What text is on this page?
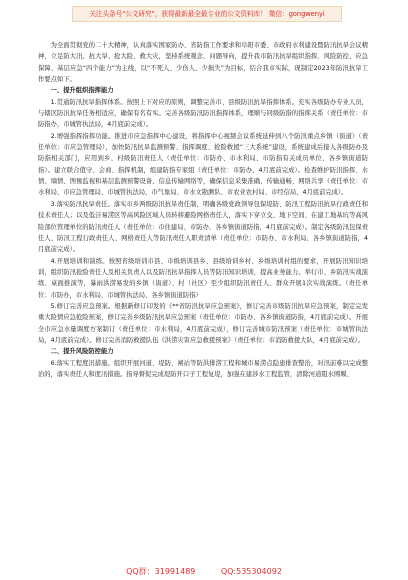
关注头条号"公文研究"，获得最新最全最专业的公文资料库！ 微信：gongwenyi

为全面贯彻党的二十大精神，认真落实国家防办、省防指工作要求和阜阳市委、市政府水利建设暨防汛抗旱会议精神，立足防大汛、抗大旱、抢大险、救大灾，坚持系统观念、问题导向，提升我市防汛抗旱组织指挥、风险防控、应急保障、基层应急“四个能力”为主线，以“不死人、少伤人、少损失”为目标，结合我市实际，现制定2023年防汛抗旱工作要点如下。

一、提升组织指挥能力

1.贯通防汛抗旱指挥体系。按照上下对应的原则，调整完善市、县级防汛抗旱指挥体系。充实各级防办专业人员，与辖区防汛抗旱任务相适应，确保有名有实。完善各级防汛防汛指挥体系，理顺与同级防指的指挥关系（责任单位：市防指办，市城管执法局，4月底前完成）。

2.增强指挥指挥功能。推进市应急指挥中心建设，将指挥中心视频会议系统延伸到八个防汛重点乡镇（街道）（责任单位：市应急管理局），加快防汛抗旱监测预警、指挥调度、抢险救援“三大系统”建设，系统建成后接入各级防办及防指相关部门，应用到乡、村级防汛责任人（责任单位：市防办、市水利局、市防指有关成员单位、各乡镇街道防指）。建立联合值守、会商、指挥机制，组建防指专家组（责任单位：市防办，4月底前完成）。检查维护防汛指挥、水情、墒情、图像监视和基层监测预警设备、信息传输网络等，确保信息采集准确、传输通畅、网络共享（责任单位：市水利局、市应急管理局、市城管执法局、市气象局、市水文勘测队、市农业农村局、市经信局，4月底前完成）。

3.落实防汛抗旱责任。落实市乡两级防汛抗旱责任制，明确各级党政领导包保堤防、防汛工程防汛抗旱行政责任和技术责任人；以及低洼易涝区等高风险区域人员转移避险网格责任人，落实下穿立交、地下空间、在建工地基坑等高风险部位管理单位的防汛责任人（责任单位：市住建局、市防办、各乡镇街道防指，4月底前完成）。制定各级防汛包保责任人、防汛工程行政责任人、网格责任人等防汛责任人职责清单（责任单位：市防办、市水利局、各乡镇街道防指，4月底前完成）。

4.开展培训和演练。按照省级培训市县、市级培训县乡、县级培训乡村、乡级培训村组的要求，开展防汛知识培训，组织防汛抢险责任人及相关负责人以及防汛抗旱指挥人员等防汛知识培训，提高业务能力。举行市、乡防汛实战演练、桌面推演等，暴雨洪涝易发的乡镇（街道）、村（社区）至少组织防汛责任人、群众开展1次实战演练。（责任单位：市防办，市水利局，市城管执法局、各乡镇街道防指）

5.修订完善应急预案。根据新修订印发的《**省防汛抗旱应急预案》，修订完善市级防汛抗旱应急预案，制定完发重大险情应急抢险预案，修订完善乡级防汛抗旱应急预案（责任单位：市防办、各乡镇街道防指，4月底前完成）。开展全市应急水量调度方案制订（责任单位：市水利局，4月底前完成），修订完善城市防汛预案（责任单位：市城管执法局，4月底前完成）。修订完善消防救援队伍《洪涝灾害应急救援预案》（责任单位：市消防救援大队，4月底前完成）。

二、提升风险防控能力

6.落实工程度汛措施。组织开展河道、堤防、闸站等防洪排涝工程和城市易涝点隐患排查整治，对汛前难以完成整治的，落实责任人和度汛措施。指导督促完成堤防开口子工程复堤，加强在建涉水工程监管，清除河道阻水围堰、

QQ群：31991489	QQ:535304092
